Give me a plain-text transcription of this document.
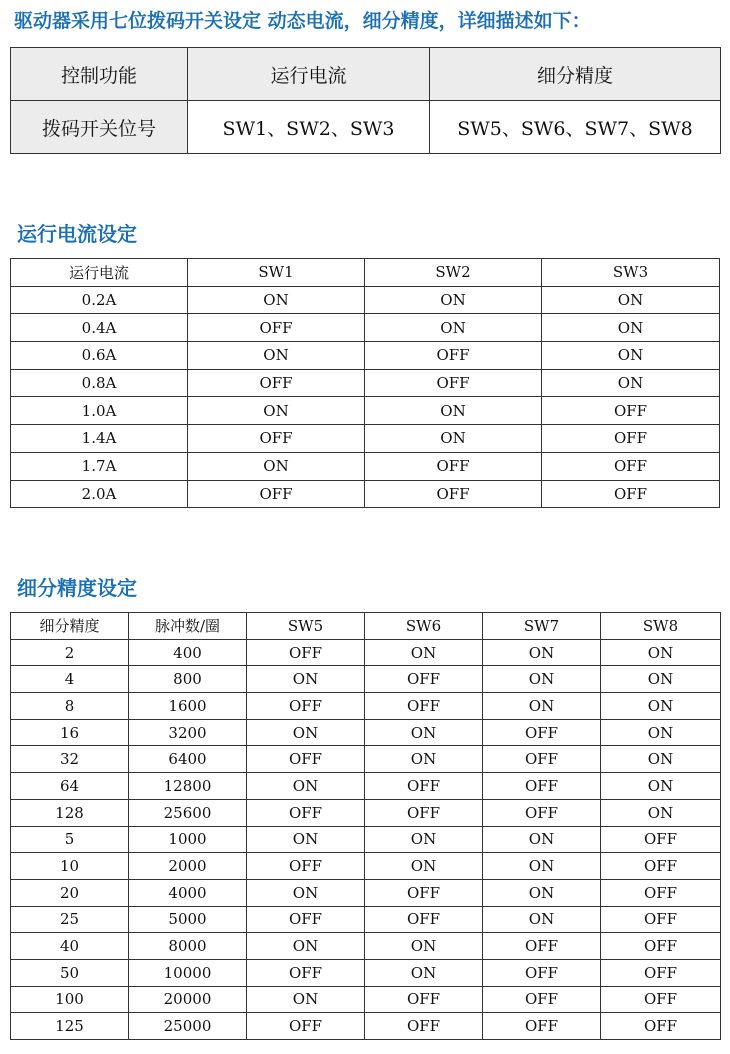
驱动器采用七位拨码开关设定 动态电流，细分精度，详细描述如下：
控制功能	运行电流	细分精度
拨码开关位号	SW1、SW2、SW3	SW5、SW6、SW7、SW8
运行电流设定
运行电流	SW1	SW2	SW3
0.2A	ON	ON	ON
0.4A	OFF	ON	ON
0.6A	ON	OFF	ON
0.8A	OFF	OFF	ON
1.0A	ON	ON	OFF
1.4A	OFF	ON	OFF
1.7A	ON	OFF	OFF
2.0A	OFF	OFF	OFF
细分精度设定
细分精度	脉冲数/圈	SW5	SW6	SW7	SW8
2	400	OFF	ON	ON	ON
4	800	ON	OFF	ON	ON
8	1600	OFF	OFF	ON	ON
16	3200	ON	ON	OFF	ON
32	6400	OFF	ON	OFF	ON
64	12800	ON	OFF	OFF	ON
128	25600	OFF	OFF	OFF	ON
5	1000	ON	ON	ON	OFF
10	2000	OFF	ON	ON	OFF
20	4000	ON	OFF	ON	OFF
25	5000	OFF	OFF	ON	OFF
40	8000	ON	ON	OFF	OFF
50	10000	OFF	ON	OFF	OFF
100	20000	ON	OFF	OFF	OFF
125	25000	OFF	OFF	OFF	OFF
